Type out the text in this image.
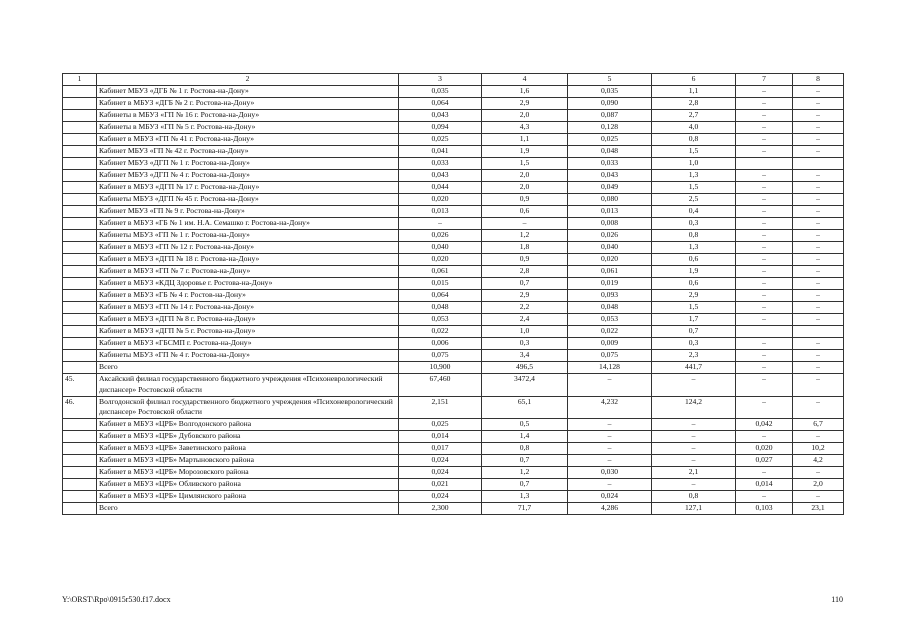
1	2	3	4	5	6	7	8
	Кабинет МБУЗ «ДГБ № 1 г. Ростова-на-Дону»	0,035	1,6	0,035	1,1	–	–
	Кабинет в МБУЗ «ДГБ № 2 г. Ростова-на-Дону»	0,064	2,9	0,090	2,8	–	–
	Кабинеты в МБУЗ «ГП № 16 г. Ростова-на-Дону»	0,043	2,0	0,087	2,7	–	–
	Кабинеты в МБУЗ «ГП № 5 г. Ростова-на-Дону»	0,094	4,3	0,128	4,0	–	–
	Кабинет в МБУЗ «ГП № 41 г. Ростова-на-Дону»	0,025	1,1	0,025	0,8	–	–
	Кабинет МБУЗ «ГП № 42 г. Ростова-на-Дону»	0,041	1,9	0,048	1,5	–	–
	Кабинет МБУЗ «ДГП № 1 г. Ростова-на-Дону»	0,033	1,5	0,033	1,0		
	Кабинет МБУЗ «ДГП № 4 г. Ростова-на-Дону»	0,043	2,0	0,043	1,3	–	–
	Кабинет в МБУЗ «ДГП № 17 г. Ростова-на-Дону»	0,044	2,0	0,049	1,5	–	–
	Кабинеты МБУЗ «ДГП № 45 г. Ростова-на-Дону»	0,020	0,9	0,080	2,5	–	–
	Кабинет МБУЗ «ГП № 9 г. Ростова-на-Дону»	0,013	0,6	0,013	0,4	–	–
	Кабинет в МБУЗ «ГБ № 1 им. Н.А. Семашко г. Ростова-на-Дону»	–	–	0,008	0,3	–	–
	Кабинеты МБУЗ «ГП № 1 г. Ростова-на-Дону»	0,026	1,2	0,026	0,8	–	–
	Кабинет в МБУЗ «ГП № 12 г. Ростова-на-Дону»	0,040	1,8	0,040	1,3	–	–
	Кабинет в МБУЗ «ДГП № 18 г. Ростова-на-Дону»	0,020	0,9	0,020	0,6	–	–
	Кабинет в МБУЗ «ГП № 7 г. Ростова-на-Дону»	0,061	2,8	0,061	1,9	–	–
	Кабинет в МБУЗ «КДЦ Здоровье г. Ростова-на-Дону»	0,015	0,7	0,019	0,6	–	–
	Кабинет в МБУЗ «ГБ № 4 г. Ростов-на-Дону»	0,064	2,9	0,093	2,9	–	–
	Кабинет в МБУЗ «ГП № 14 г. Ростова-на-Дону»	0,048	2,2	0,048	1,5	–	–
	Кабинет в МБУЗ «ДГП № 8 г. Ростова-на-Дону»	0,053	2,4	0,053	1,7	–	–
	Кабинет в МБУЗ «ДГП № 5 г. Ростова-на-Дону»	0,022	1,0	0,022	0,7		
	Кабинет в МБУЗ «ГБСМП г. Ростова-на-Дону»	0,006	0,3	0,009	0,3	–	–
	Кабинеты МБУЗ «ГП № 4 г. Ростова-на-Дону»	0,075	3,4	0,075	2,3	–	–
	Всего	10,900	496,5	14,128	441,7	–	–
45.	Аксайский филиал государственного бюджетного учреждения «Психоневрологический диспансер» Ростовской области	67,460	3472,4	–	–	–	–
46.	Волгодонской филиал государственного бюджетного учреждения «Психоневрологический диспансер» Ростовской области	2,151	65,1	4,232	124,2	–	–
	Кабинет в МБУЗ «ЦРБ» Волгодонского района	0,025	0,5	–	–	0,042	6,7
	Кабинет в МБУЗ «ЦРБ» Дубовского района	0,014	1,4	–	–	–	–
	Кабинет в МБУЗ «ЦРБ» Заветинского района	0,017	0,8	–	–	0,020	10,2
	Кабинет в МБУЗ «ЦРБ» Мартыновского района	0,024	0,7	–	–	0,027	4,2
	Кабинет в МБУЗ «ЦРБ» Морозовского района	0,024	1,2	0,030	2,1	–	–
	Кабинет в МБУЗ «ЦРБ» Обливского района	0,021	0,7	–	–	0,014	2,0
	Кабинет в МБУЗ «ЦРБ» Цимлянского района	0,024	1,3	0,024	0,8	–	–
	Всего	2,300	71,7	4,286	127,1	0,103	23,1
Y:\ORST\Rpo\0915r530.f17.docx	110
